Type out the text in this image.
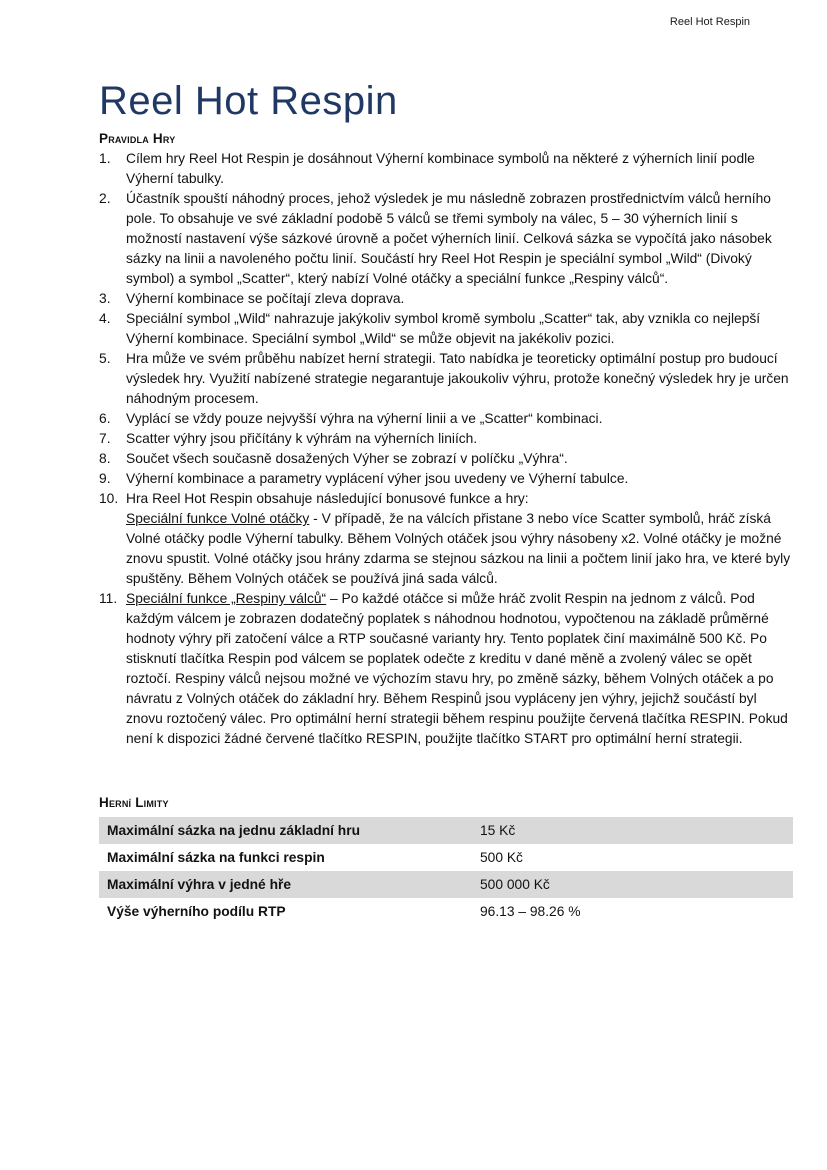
Reel Hot Respin
Reel Hot Respin
Pravidla Hry
Cílem hry Reel Hot Respin je dosáhnout Výherní kombinace symbolů na některé z výherních linií podle Výherní tabulky.
Účastník spouští náhodný proces, jehož výsledek je mu následně zobrazen prostřednictvím válců herního pole. To obsahuje ve své základní podobě 5 válců se třemi symboly na válec, 5 – 30 výherních linií s možností nastavení výše sázkové úrovně a počet výherních linií. Celková sázka se vypočítá jako násobek sázky na linii a navoleného počtu linií. Součástí hry Reel Hot Respin je speciální symbol „Wild“ (Divoký symbol) a symbol „Scatter“, který nabízí Volné otáčky a speciální funkce „Respiny válců“.
Výherní kombinace se počítají zleva doprava.
Speciální symbol „Wild“ nahrazuje jakýkoliv symbol kromě symbolu „Scatter“ tak, aby vznikla co nejlepší Výherní kombinace. Speciální symbol „Wild“ se může objevit na jakékoliv pozici.
Hra může ve svém průběhu nabízet herní strategii. Tato nabídka je teoreticky optimální postup pro budoucí výsledek hry. Využití nabízené strategie negarantuje jakoukoliv výhru, protože konečný výsledek hry je určen náhodným procesem.
Vyplácí se vždy pouze nejvyšší výhra na výherní linii a ve „Scatter“ kombinaci.
Scatter výhry jsou přičítány k výhrám na výherních liniích.
Součet všech současně dosažených Výher se zobrazí v políčku „Výhra“.
Výherní kombinace a parametry vyplácení výher jsou uvedeny ve Výherní tabulce.
Hra Reel Hot Respin obsahuje následující bonusové funkce a hry:
Speciální funkce Volné otáčky - V případě, že na válcích přistane 3 nebo více Scatter symbolů, hráč získá Volné otáčky podle Výherní tabulky. Během Volných otáček jsou výhry násobeny x2. Volné otáčky je možné znovu spustit. Volné otáčky jsou hrány zdarma se stejnou sázkou na linii a počtem linií jako hra, ve které byly spuštěny. Během Volných otáček se používá jiná sada válců.
Speciální funkce „Respiny válců“ – Po každé otáčce si může hráč zvolit Respin na jednom z válců. Pod každým válcem je zobrazen dodatečný poplatek s náhodnou hodnotou, vypočtenou na základě průměrné hodnoty výhry při zatočení válce a RTP současné varianty hry. Tento poplatek činí maximálně 500 Kč. Po stisknutí tlačítka Respin pod válcem se poplatek odečte z kreditu v dané měně a zvolený válec se opět roztočí. Respiny válců nejsou možné ve výchozím stavu hry, po změně sázky, během Volných otáček a po návratu z Volných otáček do základní hry. Během Respinů jsou vypláceny jen výhry, jejichž součástí byl znovu roztočený válec. Pro optimální herní strategii během respinu použijte červená tlačítka RESPIN. Pokud není k dispozici žádné červené tlačítko RESPIN, použijte tlačítko START pro optimální herní strategii.
Herní Limity
Maximální sázka na jednu základní hru	15 Kč
Maximální sázka na funkci respin	500 Kč
Maximální výhra v jedné hře	500 000 Kč
Výše výherního podílu RTP	96.13 – 98.26 %
